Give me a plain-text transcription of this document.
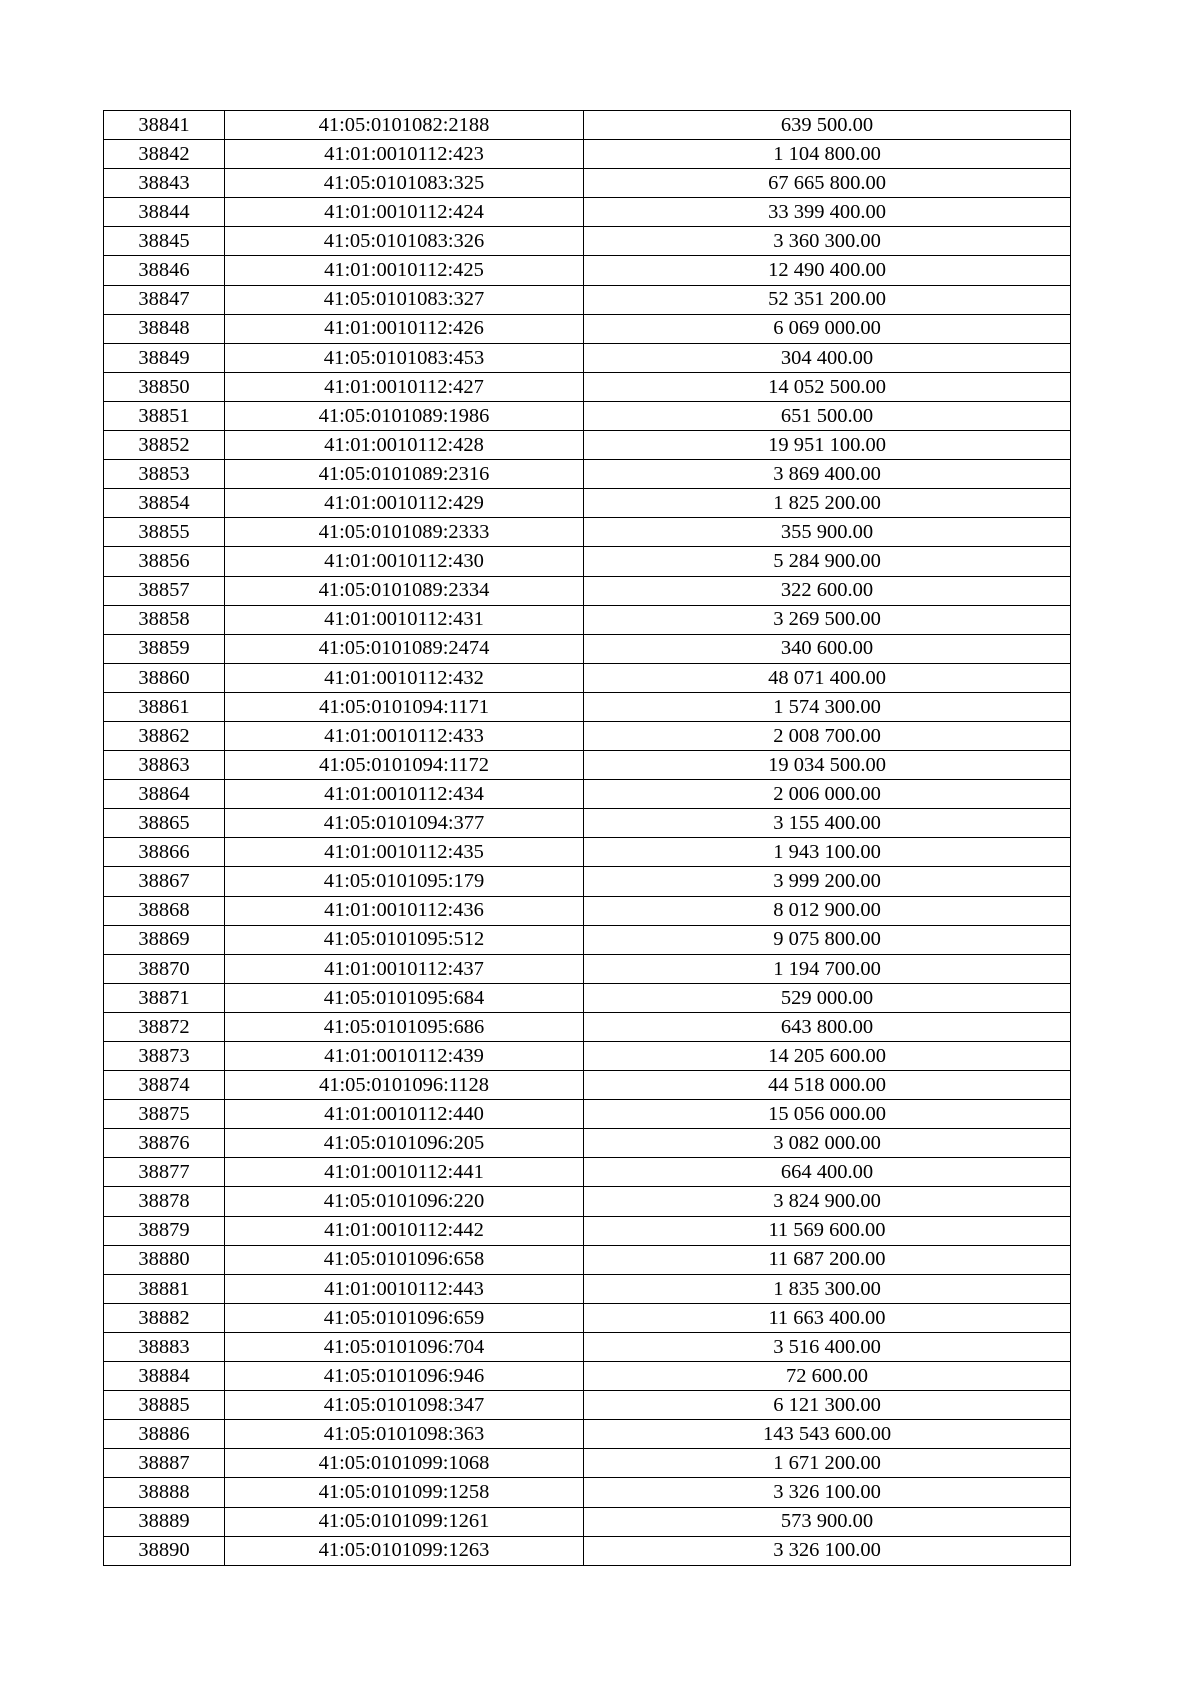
38841	41:05:0101082:2188	639 500.00
38842	41:01:0010112:423	1 104 800.00
38843	41:05:0101083:325	67 665 800.00
38844	41:01:0010112:424	33 399 400.00
38845	41:05:0101083:326	3 360 300.00
38846	41:01:0010112:425	12 490 400.00
38847	41:05:0101083:327	52 351 200.00
38848	41:01:0010112:426	6 069 000.00
38849	41:05:0101083:453	304 400.00
38850	41:01:0010112:427	14 052 500.00
38851	41:05:0101089:1986	651 500.00
38852	41:01:0010112:428	19 951 100.00
38853	41:05:0101089:2316	3 869 400.00
38854	41:01:0010112:429	1 825 200.00
38855	41:05:0101089:2333	355 900.00
38856	41:01:0010112:430	5 284 900.00
38857	41:05:0101089:2334	322 600.00
38858	41:01:0010112:431	3 269 500.00
38859	41:05:0101089:2474	340 600.00
38860	41:01:0010112:432	48 071 400.00
38861	41:05:0101094:1171	1 574 300.00
38862	41:01:0010112:433	2 008 700.00
38863	41:05:0101094:1172	19 034 500.00
38864	41:01:0010112:434	2 006 000.00
38865	41:05:0101094:377	3 155 400.00
38866	41:01:0010112:435	1 943 100.00
38867	41:05:0101095:179	3 999 200.00
38868	41:01:0010112:436	8 012 900.00
38869	41:05:0101095:512	9 075 800.00
38870	41:01:0010112:437	1 194 700.00
38871	41:05:0101095:684	529 000.00
38872	41:05:0101095:686	643 800.00
38873	41:01:0010112:439	14 205 600.00
38874	41:05:0101096:1128	44 518 000.00
38875	41:01:0010112:440	15 056 000.00
38876	41:05:0101096:205	3 082 000.00
38877	41:01:0010112:441	664 400.00
38878	41:05:0101096:220	3 824 900.00
38879	41:01:0010112:442	11 569 600.00
38880	41:05:0101096:658	11 687 200.00
38881	41:01:0010112:443	1 835 300.00
38882	41:05:0101096:659	11 663 400.00
38883	41:05:0101096:704	3 516 400.00
38884	41:05:0101096:946	72 600.00
38885	41:05:0101098:347	6 121 300.00
38886	41:05:0101098:363	143 543 600.00
38887	41:05:0101099:1068	1 671 200.00
38888	41:05:0101099:1258	3 326 100.00
38889	41:05:0101099:1261	573 900.00
38890	41:05:0101099:1263	3 326 100.00
